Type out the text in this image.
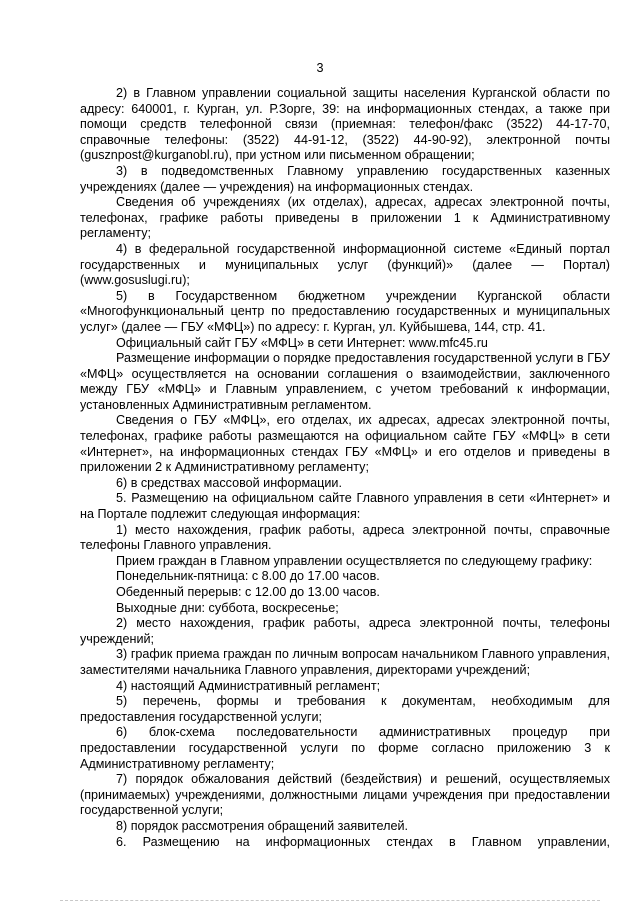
3

2) в Главном управлении социальной защиты населения Курганской области по адресу: 640001, г. Курган, ул. Р.Зорге, 39: на информационных стендах, а также при помощи средств телефонной связи (приемная: телефон/факс (3522) 44-17-70, справочные телефоны: (3522) 44-91-12, (3522) 44-90-92), электронной почты (gusznpost@kurganobl.ru), при устном или письменном обращении;

3) в подведомственных Главному управлению государственных казенных учреждениях (далее — учреждения) на информационных стендах.

Сведения об учреждениях (их отделах), адресах, адресах электронной почты, телефонах, графике работы приведены в приложении 1 к Административному регламенту;

4) в федеральной государственной информационной системе «Единый портал государственных и муниципальных услуг (функций)» (далее — Портал) (www.gosuslugi.ru);

5) в Государственном бюджетном учреждении Курганской области «Многофункциональный центр по предоставлению государственных и муниципальных услуг» (далее — ГБУ «МФЦ») по адресу: г. Курган, ул. Куйбышева, 144, стр. 41.

Официальный сайт ГБУ «МФЦ» в сети Интернет: www.mfc45.ru

Размещение информации о порядке предоставления государственной услуги в ГБУ «МФЦ» осуществляется на основании соглашения о взаимодействии, заключенного между ГБУ «МФЦ» и Главным управлением, с учетом требований к информации, установленных Административным регламентом.

Сведения о ГБУ «МФЦ», его отделах, их адресах, адресах электронной почты, телефонах, графике работы размещаются на официальном сайте ГБУ «МФЦ» в сети «Интернет», на информационных стендах ГБУ «МФЦ» и его отделов и приведены в приложении 2 к Административному регламенту;

6) в средствах массовой информации.

5. Размещению на официальном сайте Главного управления в сети «Интернет» и на Портале подлежит следующая информация:

1) место нахождения, график работы, адреса электронной почты, справочные телефоны Главного управления.

Прием граждан в Главном управлении осуществляется по следующему графику:

Понедельник-пятница: с 8.00 до 17.00 часов.

Обеденный перерыв: с 12.00 до 13.00 часов.

Выходные дни: суббота, воскресенье;

2) место нахождения, график работы, адреса электронной почты, телефоны учреждений;

3) график приема граждан по личным вопросам начальником Главного управления, заместителями начальника Главного управления, директорами учреждений;

4) настоящий Административный регламент;

5) перечень, формы и требования к документам, необходимым для предоставления государственной услуги;

6) блок-схема последовательности административных процедур при предоставлении государственной услуги по форме согласно приложению 3 к Административному регламенту;

7) порядок обжалования действий (бездействия) и решений, осуществляемых (принимаемых) учреждениями, должностными лицами учреждения при предоставлении государственной услуги;

8) порядок рассмотрения обращений заявителей.

6. Размещению на информационных стендах в Главном управлении,
